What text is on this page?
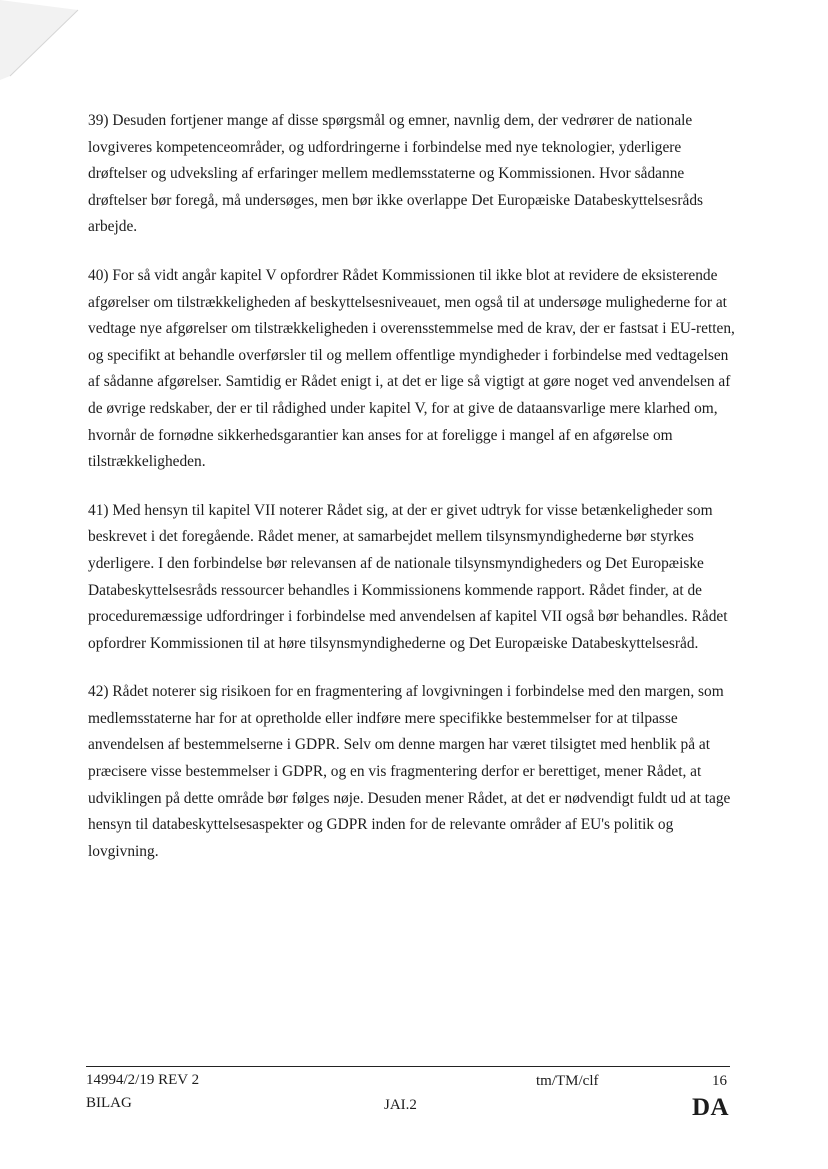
39) Desuden fortjener mange af disse spørgsmål og emner, navnlig dem, der vedrører de nationale lovgiveres kompetenceområder, og udfordringerne i forbindelse med nye teknologier, yderligere drøftelser og udveksling af erfaringer mellem medlemsstaterne og Kommissionen. Hvor sådanne drøftelser bør foregå, må undersøges, men bør ikke overlappe Det Europæiske Databeskyttelsesråds arbejde.

40) For så vidt angår kapitel V opfordrer Rådet Kommissionen til ikke blot at revidere de eksisterende afgørelser om tilstrækkeligheden af beskyttelsesniveauet, men også til at undersøge mulighederne for at vedtage nye afgørelser om tilstrækkeligheden i overensstemmelse med de krav, der er fastsat i EU-retten, og specifikt at behandle overførsler til og mellem offentlige myndigheder i forbindelse med vedtagelsen af sådanne afgørelser. Samtidig er Rådet enigt i, at det er lige så vigtigt at gøre noget ved anvendelsen af de øvrige redskaber, der er til rådighed under kapitel V, for at give de dataansvarlige mere klarhed om, hvornår de fornødne sikkerhedsgarantier kan anses for at foreligge i mangel af en afgørelse om tilstrækkeligheden.

41) Med hensyn til kapitel VII noterer Rådet sig, at der er givet udtryk for visse betænkeligheder som beskrevet i det foregående. Rådet mener, at samarbejdet mellem tilsynsmyndighederne bør styrkes yderligere. I den forbindelse bør relevansen af de nationale tilsynsmyndigheders og Det Europæiske Databeskyttelsesråds ressourcer behandles i Kommissionens kommende rapport. Rådet finder, at de proceduremæssige udfordringer i forbindelse med anvendelsen af kapitel VII også bør behandles. Rådet opfordrer Kommissionen til at høre tilsynsmyndighederne og Det Europæiske Databeskyttelsesråd.

42) Rådet noterer sig risikoen for en fragmentering af lovgivningen i forbindelse med den margen, som medlemsstaterne har for at opretholde eller indføre mere specifikke bestemmelser for at tilpasse anvendelsen af bestemmelserne i GDPR. Selv om denne margen har været tilsigtet med henblik på at præcisere visse bestemmelser i GDPR, og en vis fragmentering derfor er berettiget, mener Rådet, at udviklingen på dette område bør følges nøje. Desuden mener Rådet, at det er nødvendigt fuldt ud at tage hensyn til databeskyttelsesaspekter og GDPR inden for de relevante områder af EU's politik og lovgivning.

14994/2/19 REV 2
BILAG
tm/TM/clf
JAI.2
16
DA
